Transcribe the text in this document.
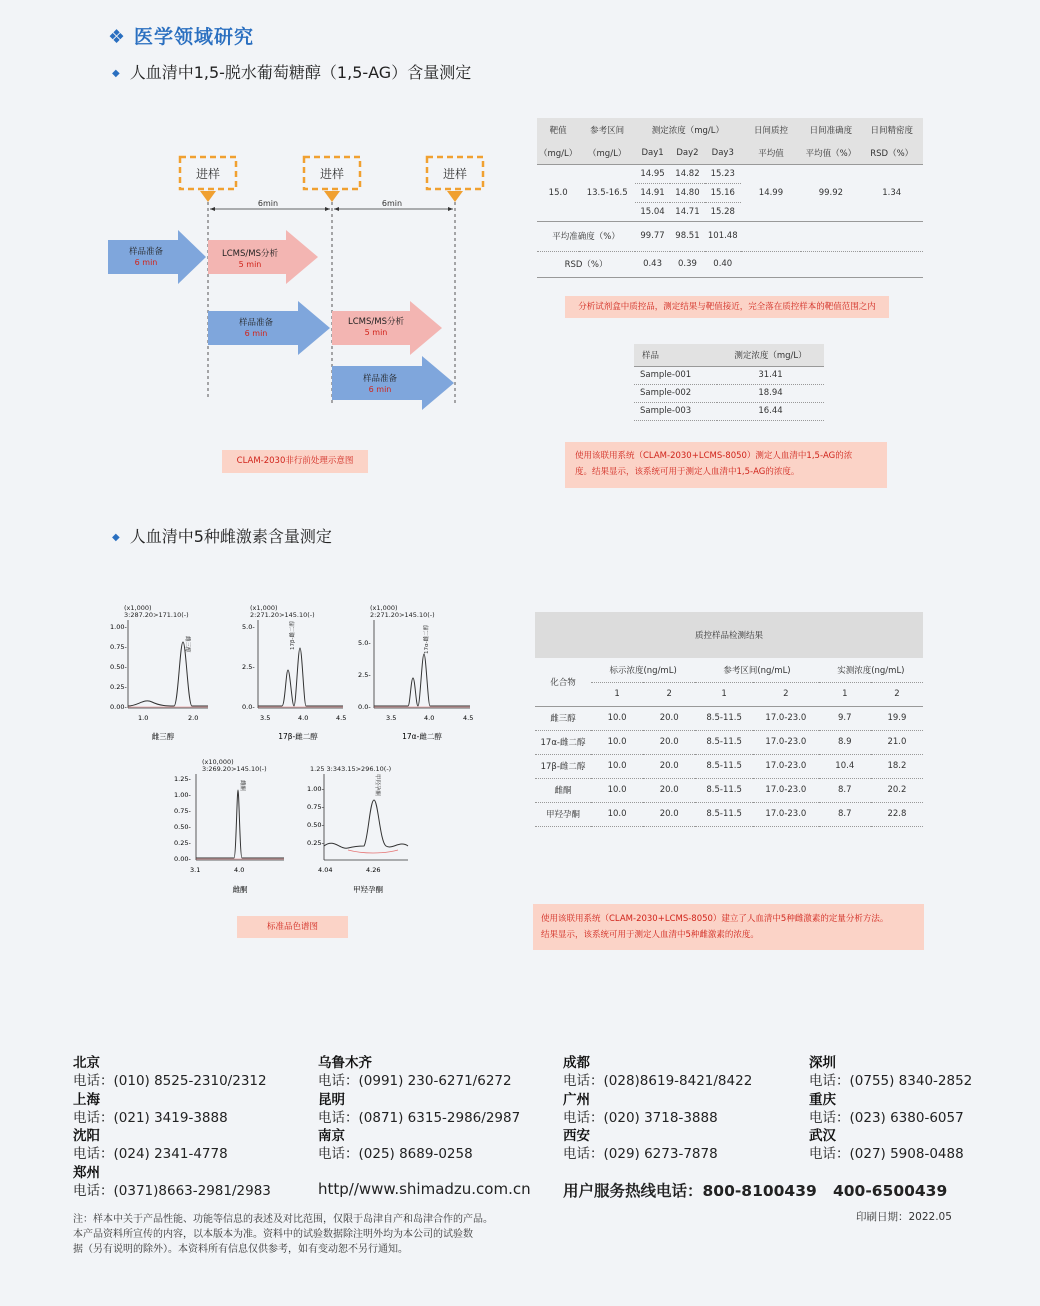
❖ 医学领域研究
◆ 人血清中1,5-脱水葡萄糖醇（1,5-AG）含量测定
进样	进样	进样
6min	6min
样品准备
6 min
LCMS/MS分析
5 min
样品准备
6 min
LCMS/MS分析
5 min
样品准备
6 min
CLAM-2030非行前处理示意图
靶值	参考区间	测定浓度（mg/L）			日间质控	日间准确度	日间精密度
（mg/L）	（mg/L）	Day1	Day2	Day3	平均值	平均值（%）	RSD（%）
15.0	13.5-16.5	14.95	14.82	15.23	14.99	99.92	1.34
		14.91	14.80	15.16			
		15.04	14.71	15.28			
平均准确度（%）		99.77	98.51	101.48			
RSD（%）		0.43	0.39	0.40			
分析试剂盒中质控品，测定结果与靶值接近，完全落在质控样本的靶值范围之内
样品	测定浓度（mg/L）
Sample-001	31.41
Sample-002	18.94
Sample-003	16.44
使用该联用系统（CLAM-2030+LCMS-8050）测定人血清中1,5-AG的浓
度。结果显示，该系统可用于测定人血清中1,5-AG的浓度。
◆ 人血清中5种雌激素含量测定
(x1,000)
3:287.20>171.10(-)
1.00-
0.75-
0.50-
0.25-
0.00-
1.0	2.0
雌三醇
雌三醇
(x1,000)
2:271.20>145.10(-)
5.0-
2.5-
0.0-
3.5	4.0	4.5
17β-雌二醇
17β-雌二醇
(x1,000)
2:271.20>145.10(-)
5.0-
2.5-
0.0-
3.5	4.0	4.5
17α-雌二醇
17α-雌二醇
(x10,000)
3:269.20>145.10(-)
1.25-
1.00-
0.75-
0.50-
0.25-
0.00-
3.1	4.0
雌酮
雌酮
1.25 3:343.15>296.10(-)
1.00-
0.75-
0.50-
0.25-
4.04	4.26
甲羟孕酮
甲羟孕酮
标准品色谱图
质控样品检测结果						
化合物	标示浓度(ng/mL)		参考区间(ng/mL)		实测浓度(ng/mL)	
	1	2	1	2	1	2
雌三醇	10.0	20.0	8.5-11.5	17.0-23.0	9.7	19.9
17α-雌二醇	10.0	20.0	8.5-11.5	17.0-23.0	8.9	21.0
17β-雌二醇	10.0	20.0	8.5-11.5	17.0-23.0	10.4	18.2
雌酮	10.0	20.0	8.5-11.5	17.0-23.0	8.7	20.2
甲羟孕酮	10.0	20.0	8.5-11.5	17.0-23.0	8.7	22.8
使用该联用系统（CLAM-2030+LCMS-8050）建立了人血清中5种雌激素的定量分析方法。
结果显示，该系统可用于测定人血清中5种雌激素的浓度。
北京
电话：(010) 8525-2310/2312
上海
电话：(021) 3419-3888
沈阳
电话：(024) 2341-4778
郑州
电话：(0371)8663-2981/2983
乌鲁木齐
电话：(0991) 230-6271/6272
昆明
电话：(0871) 6315-2986/2987
南京
电话：(025) 8689-0258
成都
电话：(028)8619-8421/8422
广州
电话：(020) 3718-3888
西安
电话：(029) 6273-7878
深圳
电话：(0755) 8340-2852
重庆
电话：(023) 6380-6057
武汉
电话：(027) 5908-0488
http//www.shimadzu.com.cn 用户服务热线电话：800-8100439   400-6500439
注：样本中关于产品性能、功能等信息的表述及对比范围，仅限于岛津自产和岛津合作的产品。
本产品资料所宣传的内容，以本版本为准。资料中的试验数据除注明外均为本公司的试验数
据（另有说明的除外）。本资料所有信息仅供参考，如有变动恕不另行通知。
印刷日期：2022.05
